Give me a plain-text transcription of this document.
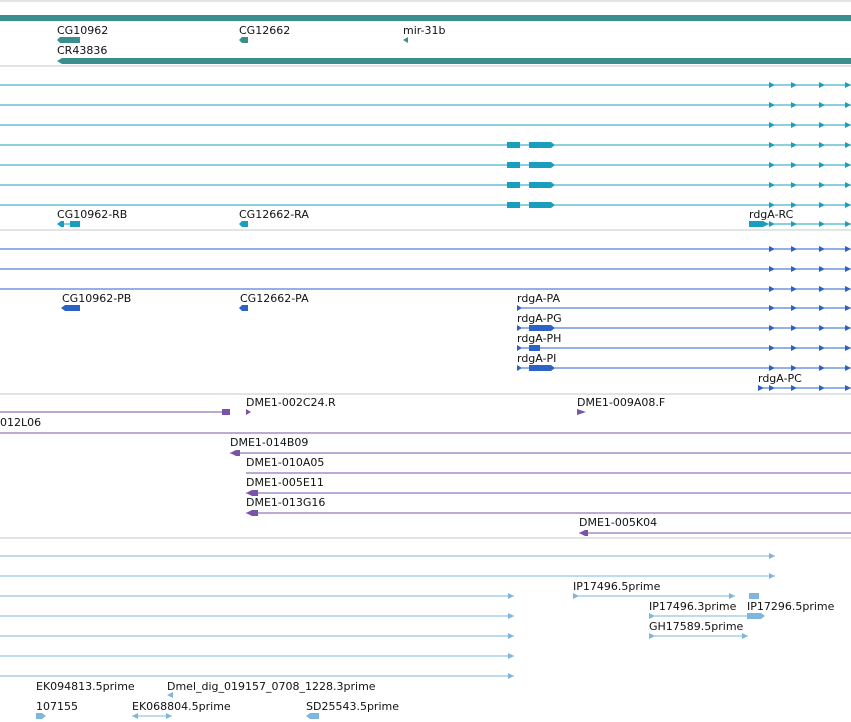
CG10962	CG12662	mir-31b
CR43836
CG10962-RB	CG12662-RA	rdgA-RC
CG10962-PB	CG12662-PA	rdgA-PA
rdgA-PG
rdgA-PH
rdgA-PI
rdgA-PC
012L06
DME1-002C24.R	DME1-009A08.F
DME1-014B09
DME1-010A05
DME1-005E11
DME1-013G16
DME1-005K04
IP17496.5prime
IP17496.3prime IP17296.5prime
GH17589.5prime
EK094813.5prime	Dmel_dig_019157_0708_1228.3prime
107155	EK068804.5prime	SD25543.5prime
